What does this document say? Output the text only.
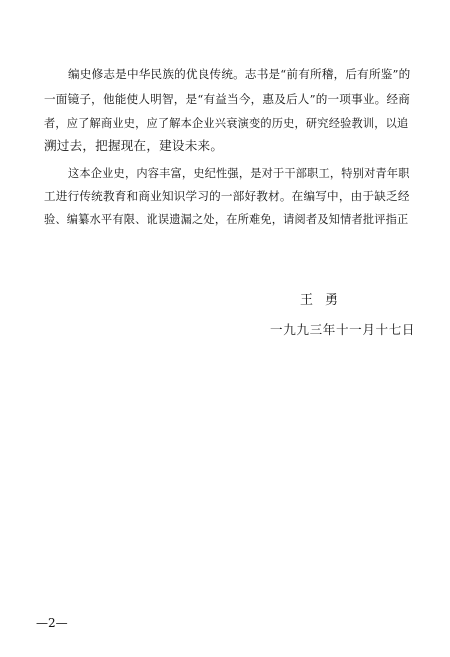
编史修志是中华民族的优良传统。志书是“前有所稽，后有所鉴”的
一面镜子，他能使人明智，是“有益当今，惠及后人”的一项事业。经商
者，应了解商业史，应了解本企业兴衰演变的历史，研究经验教训，以追
溯过去，把握现在，建设未来。
这本企业史，内容丰富，史纪性强，是对于干部职工，特别对青年职
工进行传统教育和商业知识学习的一部好教材。在编写中，由于缺乏经
验、编纂水平有限、讹误遗漏之处，在所难免，请阅者及知情者批评指正
王勇
一九九三年十一月十七日
—2—
